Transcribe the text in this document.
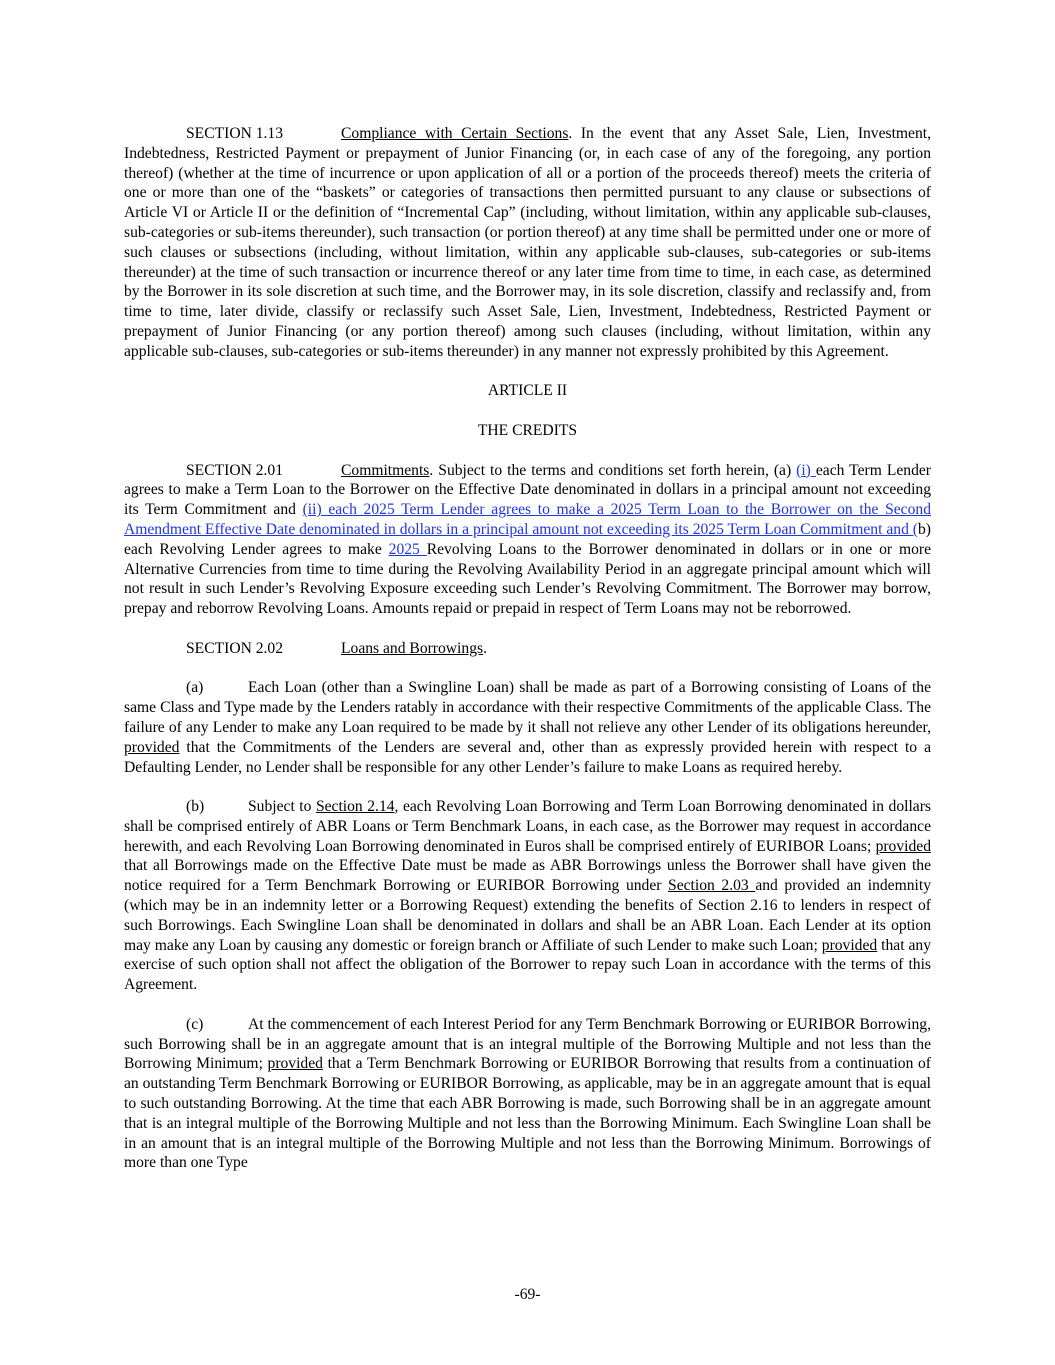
SECTION 1.13	Compliance with Certain Sections. In the event that any Asset Sale, Lien, Investment, Indebtedness, Restricted Payment or prepayment of Junior Financing (or, in each case of any of the foregoing, any portion thereof) (whether at the time of incurrence or upon application of all or a portion of the proceeds thereof) meets the criteria of one or more than one of the “baskets” or categories of transactions then permitted pursuant to any clause or subsections of Article VI or Article II or the definition of “Incremental Cap” (including, without limitation, within any applicable sub-clauses, sub-categories or sub-items thereunder), such transaction (or portion thereof) at any time shall be permitted under one or more of such clauses or subsections (including, without limitation, within any applicable sub-clauses, sub-categories or sub-items thereunder) at the time of such transaction or incurrence thereof or any later time from time to time, in each case, as determined by the Borrower in its sole discretion at such time, and the Borrower may, in its sole discretion, classify and reclassify and, from time to time, later divide, classify or reclassify such Asset Sale, Lien, Investment, Indebtedness, Restricted Payment or prepayment of Junior Financing (or any portion thereof) among such clauses (including, without limitation, within any applicable sub-clauses, sub-categories or sub-items thereunder) in any manner not expressly prohibited by this Agreement.

ARTICLE II

THE CREDITS

SECTION 2.01	Commitments. Subject to the terms and conditions set forth herein, (a) (i) each Term Lender agrees to make a Term Loan to the Borrower on the Effective Date denominated in dollars in a principal amount not exceeding its Term Commitment and (ii) each 2025 Term Lender agrees to make a 2025 Term Loan to the Borrower on the Second Amendment Effective Date denominated in dollars in a principal amount not exceeding its 2025 Term Loan Commitment and (b) each Revolving Lender agrees to make 2025 Revolving Loans to the Borrower denominated in dollars or in one or more Alternative Currencies from time to time during the Revolving Availability Period in an aggregate principal amount which will not result in such Lender’s Revolving Exposure exceeding such Lender’s Revolving Commitment. The Borrower may borrow, prepay and reborrow Revolving Loans. Amounts repaid or prepaid in respect of Term Loans may not be reborrowed.

SECTION 2.02	Loans and Borrowings.

(a)	Each Loan (other than a Swingline Loan) shall be made as part of a Borrowing consisting of Loans of the same Class and Type made by the Lenders ratably in accordance with their respective Commitments of the applicable Class. The failure of any Lender to make any Loan required to be made by it shall not relieve any other Lender of its obligations hereunder, provided that the Commitments of the Lenders are several and, other than as expressly provided herein with respect to a Defaulting Lender, no Lender shall be responsible for any other Lender’s failure to make Loans as required hereby.

(b)	Subject to Section 2.14, each Revolving Loan Borrowing and Term Loan Borrowing denominated in dollars shall be comprised entirely of ABR Loans or Term Benchmark Loans, in each case, as the Borrower may request in accordance herewith, and each Revolving Loan Borrowing denominated in Euros shall be comprised entirely of EURIBOR Loans; provided that all Borrowings made on the Effective Date must be made as ABR Borrowings unless the Borrower shall have given the notice required for a Term Benchmark Borrowing or EURIBOR Borrowing under Section 2.03 and provided an indemnity (which may be in an indemnity letter or a Borrowing Request) extending the benefits of Section 2.16 to lenders in respect of such Borrowings. Each Swingline Loan shall be denominated in dollars and shall be an ABR Loan. Each Lender at its option may make any Loan by causing any domestic or foreign branch or Affiliate of such Lender to make such Loan; provided that any exercise of such option shall not affect the obligation of the Borrower to repay such Loan in accordance with the terms of this Agreement.

(c)	At the commencement of each Interest Period for any Term Benchmark Borrowing or EURIBOR Borrowing, such Borrowing shall be in an aggregate amount that is an integral multiple of the Borrowing Multiple and not less than the Borrowing Minimum; provided that a Term Benchmark Borrowing or EURIBOR Borrowing that results from a continuation of an outstanding Term Benchmark Borrowing or EURIBOR Borrowing, as applicable, may be in an aggregate amount that is equal to such outstanding Borrowing. At the time that each ABR Borrowing is made, such Borrowing shall be in an aggregate amount that is an integral multiple of the Borrowing Multiple and not less than the Borrowing Minimum. Each Swingline Loan shall be in an amount that is an integral multiple of the Borrowing Multiple and not less than the Borrowing Minimum. Borrowings of more than one Type

-69-
